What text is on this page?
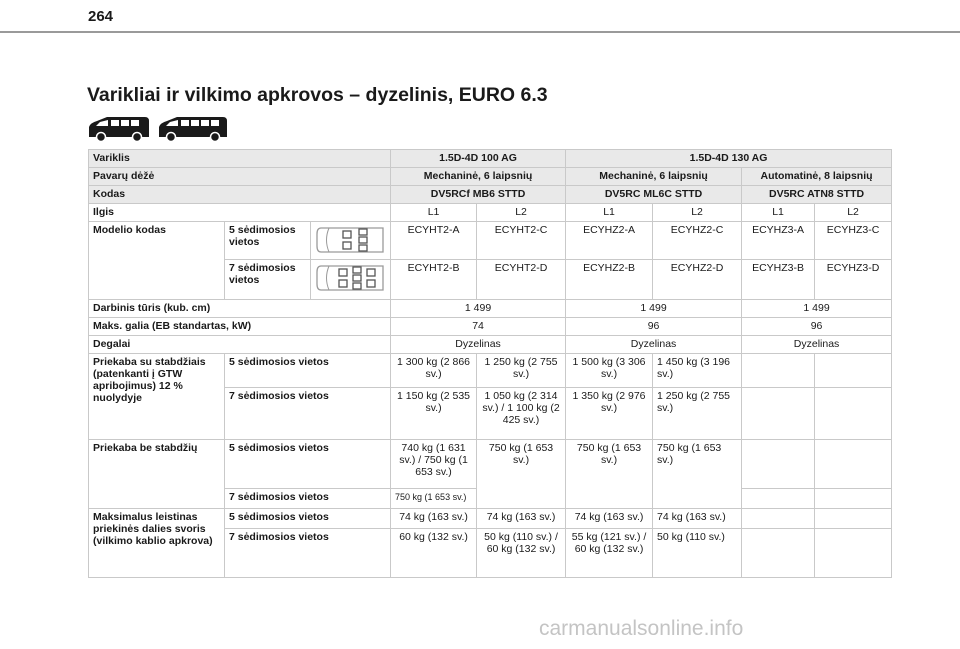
264
Varikliai ir vilkimo apkrovos – dyzelinis, EURO 6.3
Variklis			1.5D-4D 100 AG		1.5D-4D 130 AG			
Pavarų dėžė			Mechaninė, 6 laipsnių		Mechaninė, 6 laipsnių		Automatinė, 8 laipsnių	
Kodas			DV5RCf MB6 STTD		DV5RC ML6C STTD		DV5RC ATN8 STTD	
Ilgis			L1	L2	L1	L2	L1	L2
Modelio kodas	5 sėdimosios vietos		ECYHT2-A	ECYHT2-C	ECYHZ2-A	ECYHZ2-C	ECYHZ3-A	ECYHZ3-C
	7 sėdimosios vietos		ECYHT2-B	ECYHT2-D	ECYHZ2-B	ECYHZ2-D	ECYHZ3-B	ECYHZ3-D
Darbinis tūris (kub. cm)			1 499		1 499		1 499	
Maks. galia (EB standartas, kW)			74		96		96	
Degalai			Dyzelinas		Dyzelinas		Dyzelinas	
Priekaba su stabdžiais (patenkanti į GTW apribojimus) 12 % nuolydyje	5 sėdimosios vietos		1 300 kg (2 866 sv.)	1 250 kg (2 755 sv.)	1 500 kg (3 306 sv.)	1 450 kg (3 196 sv.)		
	7 sėdimosios vietos		1 150 kg (2 535 sv.)	1 050 kg (2 314 sv.) / 1 100 kg (2 425 sv.)	1 350 kg (2 976 sv.)	1 250 kg (2 755 sv.)		
Priekaba be stabdžių	5 sėdimosios vietos		740 kg (1 631 sv.) / 750 kg (1 653 sv.)	750 kg (1 653 sv.)	750 kg (1 653 sv.)	750 kg (1 653 sv.)		
	7 sėdimosios vietos		750 kg (1 653 sv.)					
Maksimalus leistinas priekinės dalies svoris (vilkimo kablio apkrova)	5 sėdimosios vietos		74 kg (163 sv.)	74 kg (163 sv.)	74 kg (163 sv.)	74 kg (163 sv.)		
	7 sėdimosios vietos		60 kg (132 sv.)	50 kg (110 sv.) / 60 kg (132 sv.)	55 kg (121 sv.) / 60 kg (132 sv.)	50 kg (110 sv.)		
carmanualsonline.info
